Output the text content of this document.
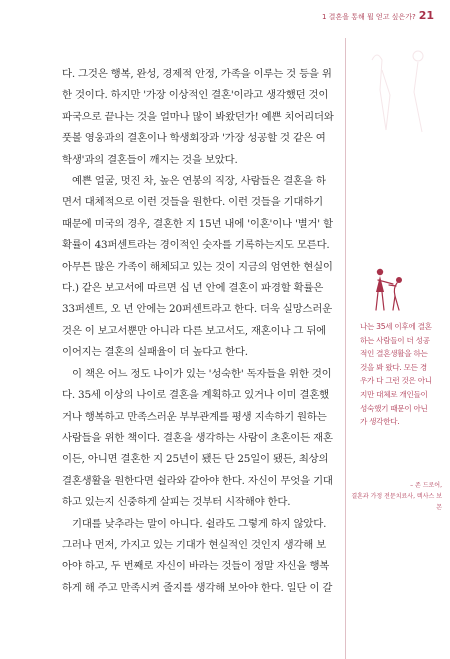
1 결혼을 통해 뭘 얻고 싶은가? 21

다. 그것은 행복, 완성, 경제적 안정, 가족을 이루는 것 등을 위한 것이다. 하지만 '가장 이상적인 결혼'이라고 생각했던 것이 파국으로 끝나는 것을 얼마나 많이 봐왔던가! 예쁜 치어리더와 풋볼 영웅과의 결혼이나 학생회장과 '가장 성공할 것 같은 여학생'과의 결혼들이 깨지는 것을 보았다.

예쁜 얼굴, 멋진 차, 높은 연봉의 직장, 사람들은 결혼을 하면서 대체적으로 이런 것들을 원한다. 이런 것들을 기대하기 때문에 미국의 경우, 결혼한 지 15년 내에 '이혼'이나 '별거' 할 확률이 43퍼센트라는 경이적인 숫자를 기록하는지도 모른다. 아무튼 많은 가족이 해체되고 있는 것이 지금의 엄연한 현실이다.) 같은 보고서에 따르면 십 년 안에 결혼이 파경할 확률은 33퍼센트, 오 년 안에는 20퍼센트라고 한다. 더욱 실망스러운 것은 이 보고서뿐만 아니라 다른 보고서도, 재혼이나 그 뒤에 이어지는 결혼의 실패율이 더 높다고 한다.

이 책은 어느 정도 나이가 있는 '성숙한' 독자들을 위한 것이다. 35세 이상의 나이로 결혼을 계획하고 있거나 이미 결혼했거나 행복하고 만족스러운 부부관계를 평생 지속하기 원하는 사람들을 위한 책이다. 결혼을 생각하는 사람이 초혼이든 재혼이든, 아니면 결혼한 지 25년이 됐든 단 25일이 됐든, 최상의 결혼생활을 원한다면 쉴라와 같아야 한다. 자신이 무엇을 기대하고 있는지 신중하게 살피는 것부터 시작해야 한다.

기대를 낮추라는 말이 아니다. 쉴라도 그렇게 하지 않았다. 그러나 먼저, 가지고 있는 기대가 현실적인 것인지 생각해 보아야 하고, 두 번째로 자신이 바라는 것들이 정말 자신을 행복하게 해 주고 만족시켜 줄지를 생각해 보아야 한다. 일단 이 갈

나는 35세 이후에 결혼하는 사람들이 더 성공적인 결혼생활을 하는 것을 봐 왔다. 모든 경우가 다 그런 것은 아니지만 대체로 개인들이 성숙했기 때문이 아닌가 생각한다.
– 존 드로어,
결혼과 가정 전문치료사, 텍사스 보몬
